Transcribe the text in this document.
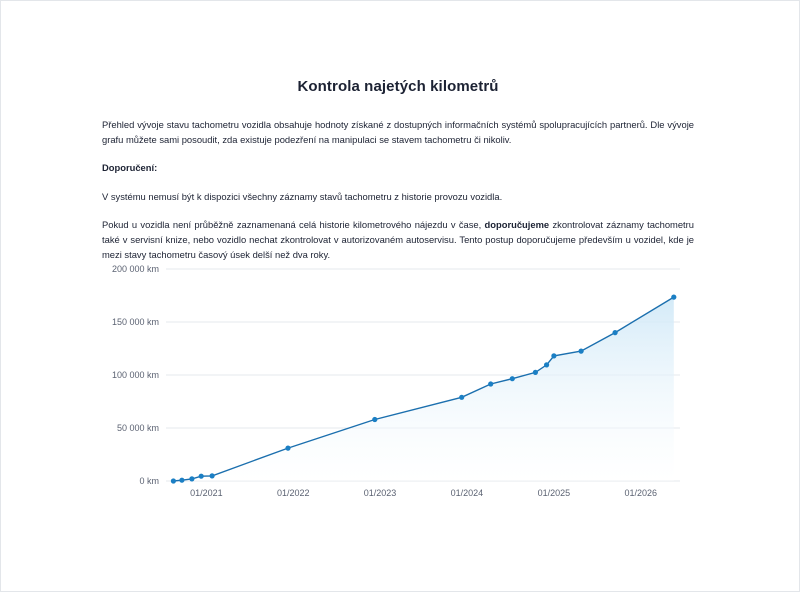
Kontrola najetých kilometrů

Přehled vývoje stavu tachometru vozidla obsahuje hodnoty získané z dostupných informačních systémů spolupracujících partnerů. Dle vývoje grafu můžete sami posoudit, zda existuje podezření na manipulaci se stavem tachometru či nikoliv.

Doporučení:

V systému nemusí být k dispozici všechny záznamy stavů tachometru z historie provozu vozidla.

Pokud u vozidla není průběžně zaznamenaná celá historie kilometrového nájezdu v čase, doporučujeme zkontrolovat záznamy tachometru také v servisní knize, nebo vozidlo nechat zkontrolovat v autorizovaném autoservisu. Tento postup doporučujeme především u vozidel, kde je mezi stavy tachometru časový úsek delší než dva roky.

0 km
50 000 km
100 000 km
150 000 km
200 000 km
01/2021	01/2022	01/2023	01/2024	01/2025	01/2026
